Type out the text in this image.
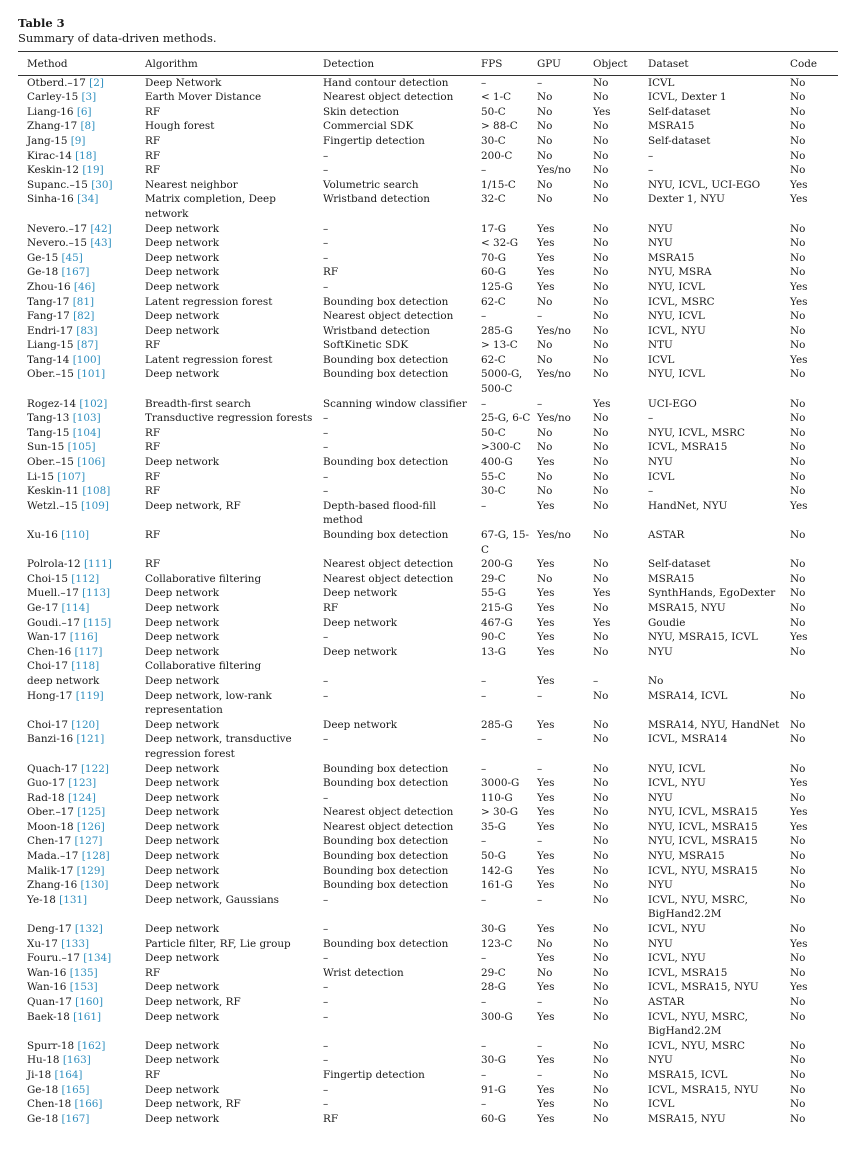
Table 3
Summary of data-driven methods.
Method	Algorithm	Detection	FPS	GPU	Object	Dataset	Code
Otberd.–17 [2]	Deep Network	Hand contour detection	–	–	No	ICVL	No
Carley-15 [3]	Earth Mover Distance	Nearest object detection	< 1-C	No	No	ICVL, Dexter 1	No
Liang-16 [6]	RF	Skin detection	50-C	No	Yes	Self-dataset	No
Zhang-17 [8]	Hough forest	Commercial SDK	> 88-C	No	No	MSRA15	No
Jang-15 [9]	RF	Fingertip detection	30-C	No	No	Self-dataset	No
Kirac-14 [18]	RF	–	200-C	No	No	–	No
Keskin-12 [19]	RF	–	–	Yes/no	No	–	No
Supanc.–15 [30]	Nearest neighbor	Volumetric search	1/15-C	No	No	NYU, ICVL, UCI-EGO	Yes
Sinha-16 [34]	Matrix completion, Deep network	Wristband detection	32-C	No	No	Dexter 1, NYU	Yes
Nevero.–17 [42]	Deep network	–	17-G	Yes	No	NYU	No
Nevero.–15 [43]	Deep network	–	< 32-G	Yes	No	NYU	No
Ge-15 [45]	Deep network	–	70-G	Yes	No	MSRA15	No
Ge-18 [167]	Deep network	RF	60-G	Yes	No	NYU, MSRA	No
Zhou-16 [46]	Deep network	–	125-G	Yes	No	NYU, ICVL	Yes
Tang-17 [81]	Latent regression forest	Bounding box detection	62-C	No	No	ICVL, MSRC	Yes
Fang-17 [82]	Deep network	Nearest object detection	–	–	No	NYU, ICVL	No
Endri-17 [83]	Deep network	Wristband detection	285-G	Yes/no	No	ICVL, NYU	No
Liang-15 [87]	RF	SoftKinetic SDK	> 13-C	No	No	NTU	No
Tang-14 [100]	Latent regression forest	Bounding box detection	62-C	No	No	ICVL	Yes
Ober.–15 [101]	Deep network	Bounding box detection	5000-G, 500-C	Yes/no	No	NYU, ICVL	No
Rogez-14 [102]	Breadth-first search	Scanning window classifier	–	–	Yes	UCI-EGO	No
Tang-13 [103]	Transductive regression forests	–	25-G, 6-C	Yes/no	No	–	No
Tang-15 [104]	RF	–	50-C	No	No	NYU, ICVL, MSRC	No
Sun-15 [105]	RF	–	>300-C	No	No	ICVL, MSRA15	No
Ober.–15 [106]	Deep network	Bounding box detection	400-G	Yes	No	NYU	No
Li-15 [107]	RF	–	55-C	No	No	ICVL	No
Keskin-11 [108]	RF	–	30-C	No	No	–	No
Wetzl.–15 [109]	Deep network, RF	Depth-based flood-fill method	–	Yes	No	HandNet, NYU	Yes
Xu-16 [110]	RF	Bounding box detection	67-G, 15-C	Yes/no	No	ASTAR	No
Polrola-12 [111]	RF	Nearest object detection	200-G	Yes	No	Self-dataset	No
Choi-15 [112]	Collaborative filtering	Nearest object detection	29-C	No	No	MSRA15	No
Muell.–17 [113]	Deep network	Deep network	55-G	Yes	Yes	SynthHands, EgoDexter	No
Ge-17 [114]	Deep network	RF	215-G	Yes	No	MSRA15, NYU	No
Goudi.–17 [115]	Deep network	Deep network	467-G	Yes	Yes	Goudie	No
Wan-17 [116]	Deep network	–	90-C	Yes	No	NYU, MSRA15, ICVL	Yes
Chen-16 [117]	Deep network	Deep network	13-G	Yes	No	NYU	No
Choi-17 [118]	Collaborative filtering						
deep network	Deep network	–	–	Yes	–	No	
Hong-17 [119]	Deep network, low-rank representation	–	–	–	No	MSRA14, ICVL	No
Choi-17 [120]	Deep network	Deep network	285-G	Yes	No	MSRA14, NYU, HandNet	No
Banzi-16 [121]	Deep network, transductive regression forest	–	–	–	No	ICVL, MSRA14	No
Quach-17 [122]	Deep network	Bounding box detection	–	–	No	NYU, ICVL	No
Guo-17 [123]	Deep network	Bounding box detection	3000-G	Yes	No	ICVL, NYU	Yes
Rad-18 [124]	Deep network	–	110-G	Yes	No	NYU	No
Ober.–17 [125]	Deep network	Nearest object detection	> 30-G	Yes	No	NYU, ICVL, MSRA15	Yes
Moon-18 [126]	Deep network	Nearest object detection	35-G	Yes	No	NYU, ICVL, MSRA15	Yes
Chen-17 [127]	Deep network	Bounding box detection	–	–	No	NYU, ICVL, MSRA15	No
Mada.–17 [128]	Deep network	Bounding box detection	50-G	Yes	No	NYU, MSRA15	No
Malik-17 [129]	Deep network	Bounding box detection	142-G	Yes	No	ICVL, NYU, MSRA15	No
Zhang-16 [130]	Deep network	Bounding box detection	161-G	Yes	No	NYU	No
Ye-18 [131]	Deep network, Gaussians	–	–	–	No	ICVL, NYU, MSRC, BigHand2.2M	No
Deng-17 [132]	Deep network	–	30-G	Yes	No	ICVL, NYU	No
Xu-17 [133]	Particle filter, RF, Lie group	Bounding box detection	123-C	No	No	NYU	Yes
Fouru.–17 [134]	Deep network	–	–	Yes	No	ICVL, NYU	No
Wan-16 [135]	RF	Wrist detection	29-C	No	No	ICVL, MSRA15	No
Wan-16 [153]	Deep network	–	28-G	Yes	No	ICVL, MSRA15, NYU	Yes
Quan-17 [160]	Deep network, RF	–	–	–	No	ASTAR	No
Baek-18 [161]	Deep network	–	300-G	Yes	No	ICVL, NYU, MSRC, BigHand2.2M	No
Spurr-18 [162]	Deep network	–	–	–	No	ICVL, NYU, MSRC	No
Hu-18 [163]	Deep network	–	30-G	Yes	No	NYU	No
Ji-18 [164]	RF	Fingertip detection	–	–	No	MSRA15, ICVL	No
Ge-18 [165]	Deep network	–	91-G	Yes	No	ICVL, MSRA15, NYU	No
Chen-18 [166]	Deep network, RF	–	–	Yes	No	ICVL	No
Ge-18 [167]	Deep network	RF	60-G	Yes	No	MSRA15, NYU	No
